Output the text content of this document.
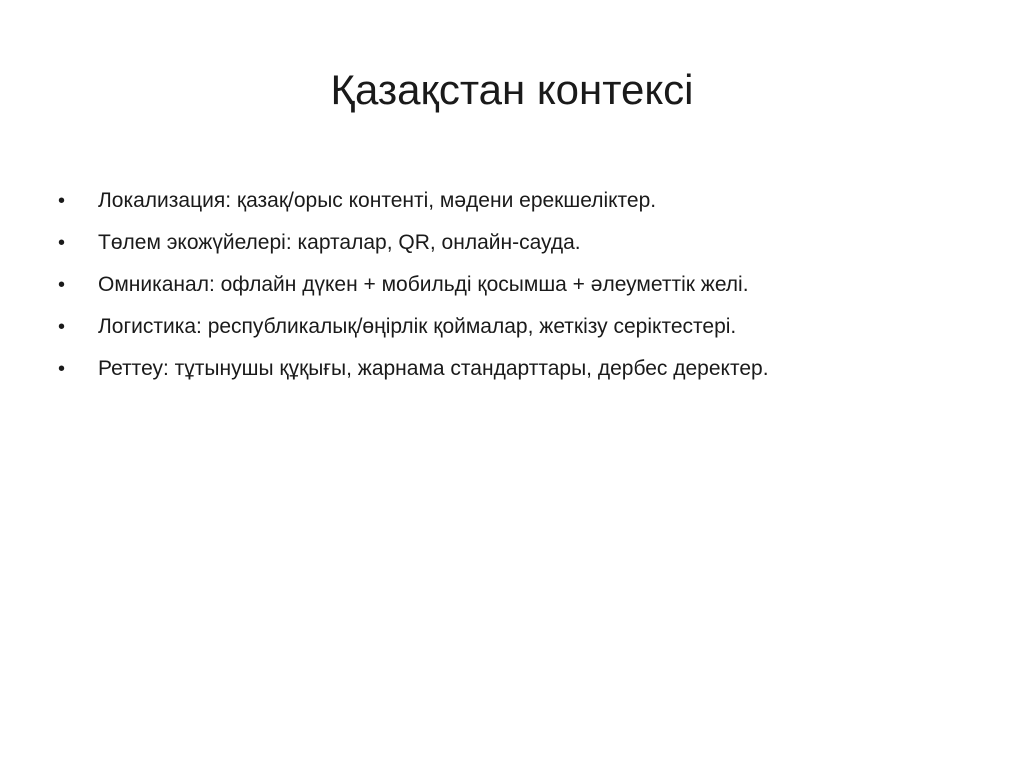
Қазақстан контексі
•	Локализация: қазақ/орыс контенті, мәдени ерекшеліктер.
•	Төлем экожүйелері: карталар, QR, онлайн-сауда.
•	Омниканал: офлайн дүкен + мобильді қосымша + әлеуметтік желі.
•	Логистика: республикалық/өңірлік қоймалар, жеткізу серіктестері.
•	Реттеу: тұтынушы құқығы, жарнама стандарттары, дербес деректер.
